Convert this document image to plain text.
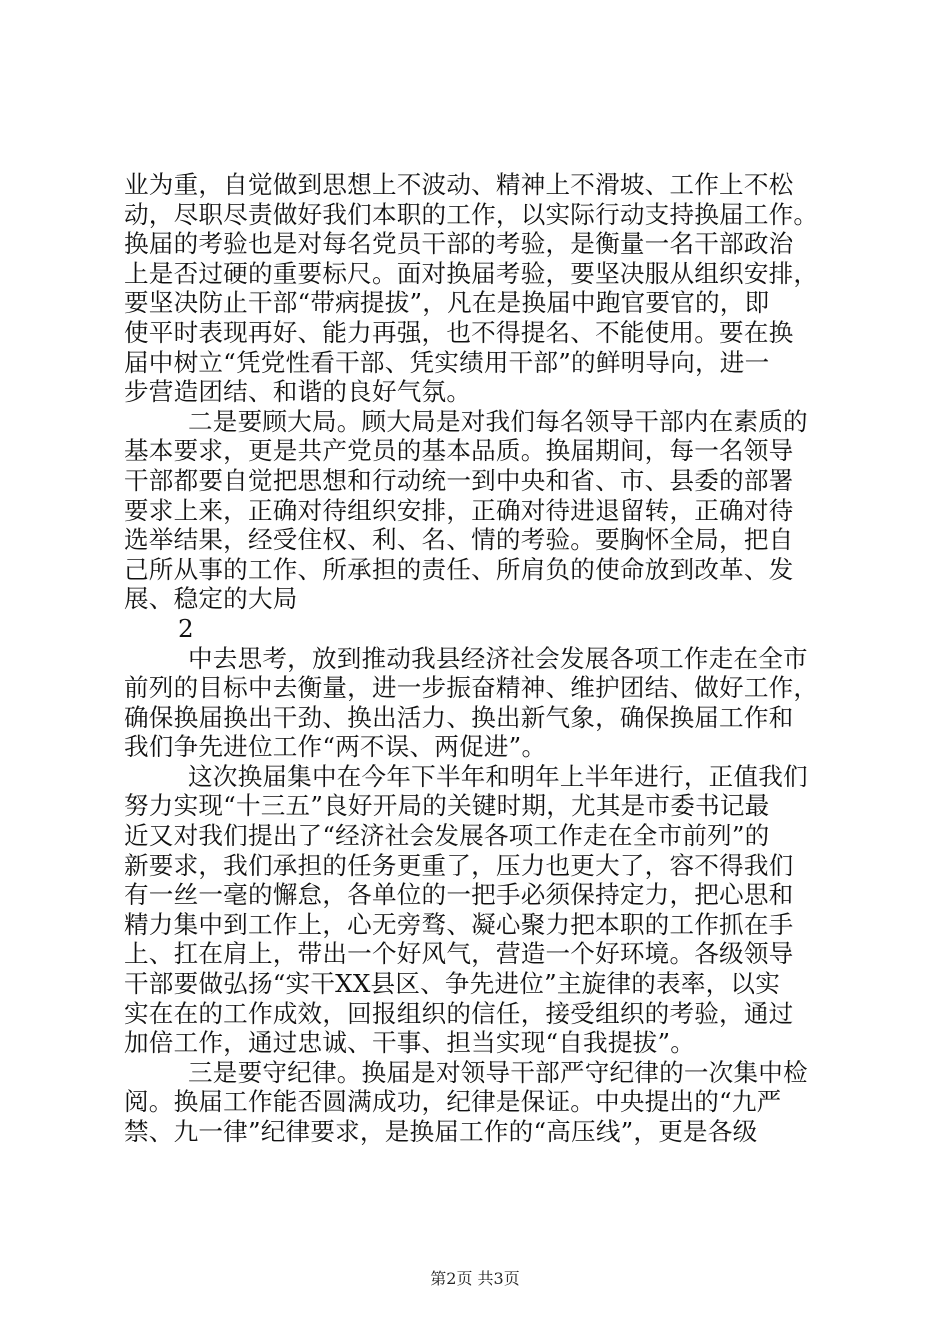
业为重，自觉做到思想上不波动、精神上不滑坡、工作上不松
动，尽职尽责做好我们本职的工作，以实际行动支持换届工作。
换届的考验也是对每名党员干部的考验，是衡量一名干部政治
上是否过硬的重要标尺。面对换届考验，要坚决服从组织安排，
要坚决防止干部“带病提拔”，凡在是换届中跑官要官的，即
使平时表现再好、能力再强，也不得提名、不能使用。要在换
届中树立“凭党性看干部、凭实绩用干部”的鲜明导向，进一
步营造团结、和谐的良好气氛。
二是要顾大局。顾大局是对我们每名领导干部内在素质的
基本要求，更是共产党员的基本品质。换届期间，每一名领导
干部都要自觉把思想和行动统一到中央和省、市、县委的部署
要求上来，正确对待组织安排，正确对待进退留转，正确对待
选举结果，经受住权、利、名、情的考验。要胸怀全局，把自
己所从事的工作、所承担的责任、所肩负的使命放到改革、发
展、稳定的大局
2
中去思考，放到推动我县经济社会发展各项工作走在全市
前列的目标中去衡量，进一步振奋精神、维护团结、做好工作，
确保换届换出干劲、换出活力、换出新气象，确保换届工作和
我们争先进位工作“两不误、两促进”。
这次换届集中在今年下半年和明年上半年进行，正值我们
努力实现“十三五”良好开局的关键时期，尤其是市委书记最
近又对我们提出了“经济社会发展各项工作走在全市前列”的
新要求，我们承担的任务更重了，压力也更大了，容不得我们
有一丝一毫的懈怠，各单位的一把手必须保持定力，把心思和
精力集中到工作上，心无旁骛、凝心聚力把本职的工作抓在手
上、扛在肩上，带出一个好风气，营造一个好环境。各级领导
干部要做弘扬“实干XX县区、争先进位”主旋律的表率，以实
实在在的工作成效，回报组织的信任，接受组织的考验，通过
加倍工作，通过忠诚、干事、担当实现“自我提拔”。
三是要守纪律。换届是对领导干部严守纪律的一次集中检
阅。换届工作能否圆满成功，纪律是保证。中央提出的“九严
禁、九一律”纪律要求，是换届工作的“高压线”，更是各级
第2页 共3页
